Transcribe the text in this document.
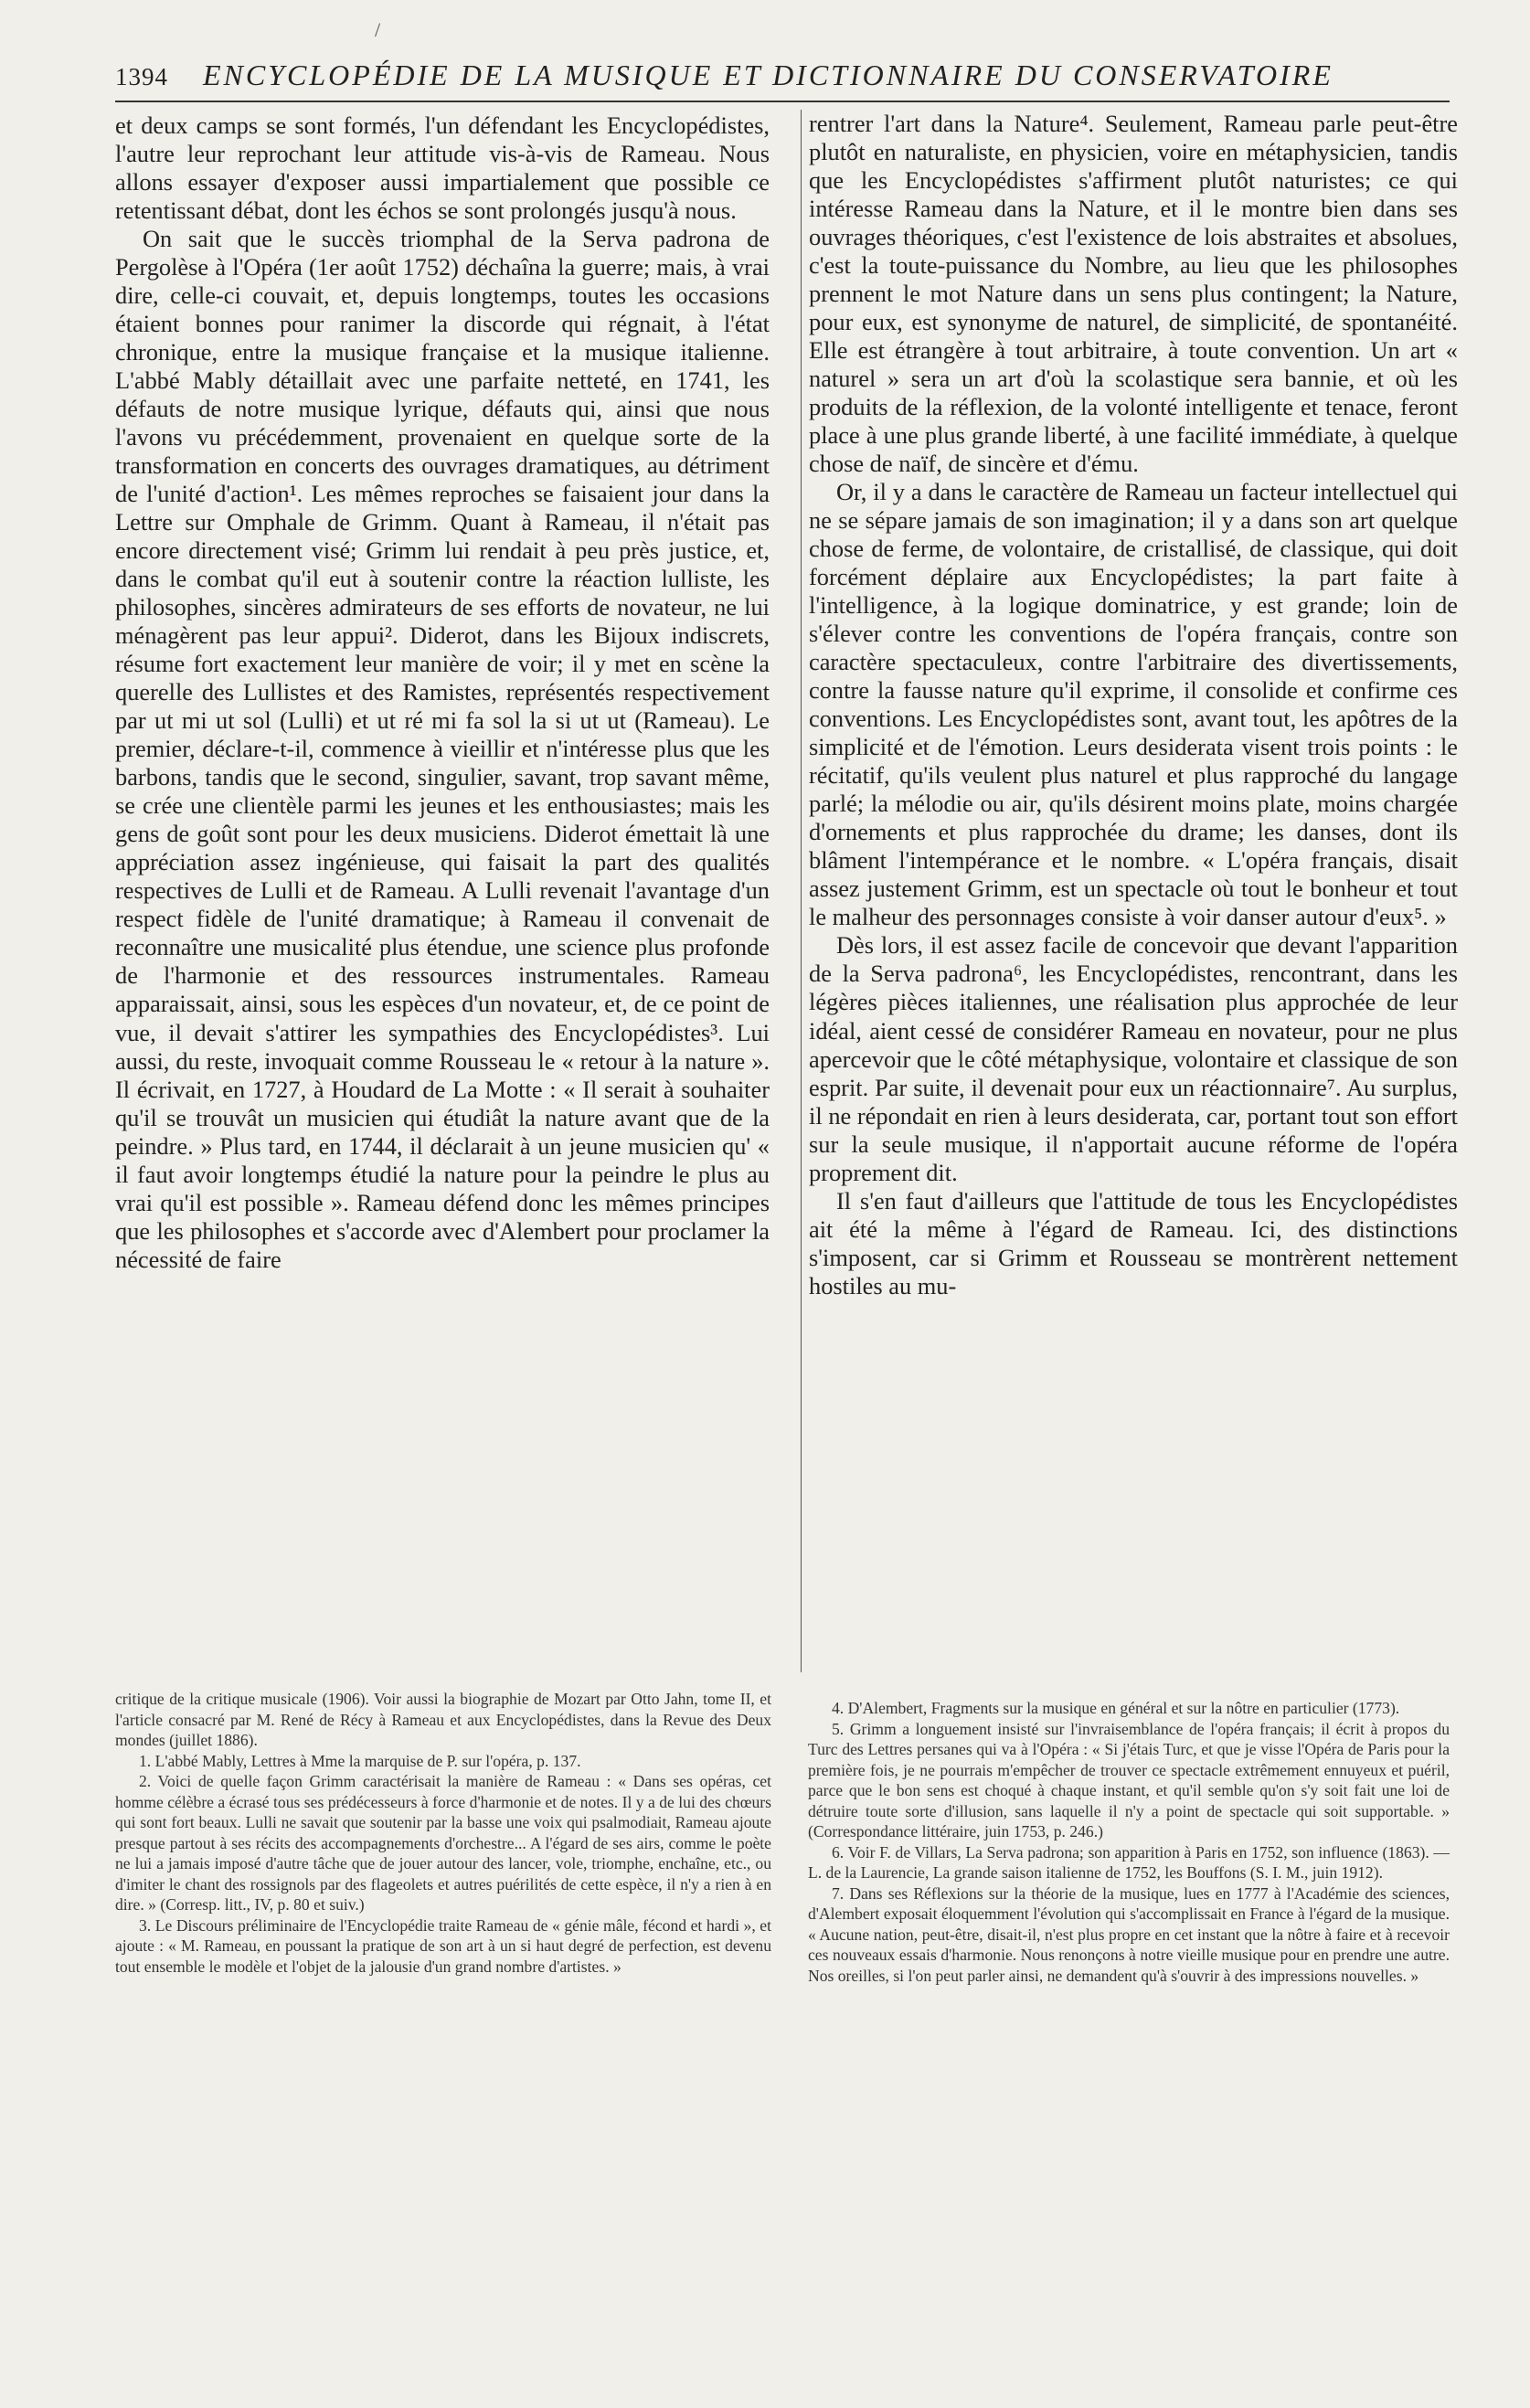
/
1394 ENCYCLOPÉDIE DE LA MUSIQUE ET DICTIONNAIRE DU CONSERVATOIRE

et deux camps se sont formés, l'un défendant les Encyclopédistes, l'autre leur reprochant leur attitude vis-à-vis de Rameau. Nous allons essayer d'exposer aussi impartialement que possible ce retentissant débat, dont les échos se sont prolongés jusqu'à nous.

On sait que le succès triomphal de la Serva padrona de Pergolèse à l'Opéra (1er août 1752) déchaîna la guerre; mais, à vrai dire, celle-ci couvait, et, depuis longtemps, toutes les occasions étaient bonnes pour ranimer la discorde qui régnait, à l'état chronique, entre la musique française et la musique italienne. L'abbé Mably détaillait avec une parfaite netteté, en 1741, les défauts de notre musique lyrique, défauts qui, ainsi que nous l'avons vu précédemment, provenaient en quelque sorte de la transformation en concerts des ouvrages dramatiques, au détriment de l'unité d'action¹. Les mêmes reproches se faisaient jour dans la Lettre sur Omphale de Grimm. Quant à Rameau, il n'était pas encore directement visé; Grimm lui rendait à peu près justice, et, dans le combat qu'il eut à soutenir contre la réaction lulliste, les philosophes, sincères admirateurs de ses efforts de novateur, ne lui ménagèrent pas leur appui². Diderot, dans les Bijoux indiscrets, résume fort exactement leur manière de voir; il y met en scène la querelle des Lullistes et des Ramistes, représentés respectivement par ut mi ut sol (Lulli) et ut ré mi fa sol la si ut ut (Rameau). Le premier, déclare-t-il, commence à vieillir et n'intéresse plus que les barbons, tandis que le second, singulier, savant, trop savant même, se crée une clientèle parmi les jeunes et les enthousiastes; mais les gens de goût sont pour les deux musiciens. Diderot émettait là une appréciation assez ingénieuse, qui faisait la part des qualités respectives de Lulli et de Rameau. A Lulli revenait l'avantage d'un respect fidèle de l'unité dramatique; à Rameau il convenait de reconnaître une musicalité plus étendue, une science plus profonde de l'harmonie et des ressources instrumentales. Rameau apparaissait, ainsi, sous les espèces d'un novateur, et, de ce point de vue, il devait s'attirer les sympathies des Encyclopédistes³. Lui aussi, du reste, invoquait comme Rousseau le « retour à la nature ». Il écrivait, en 1727, à Houdard de La Motte : « Il serait à souhaiter qu'il se trouvât un musicien qui étudiât la nature avant que de la peindre. » Plus tard, en 1744, il déclarait à un jeune musicien qu' « il faut avoir longtemps étudié la nature pour la peindre le plus au vrai qu'il est possible ». Rameau défend donc les mêmes principes que les philosophes et s'accorde avec d'Alembert pour proclamer la nécessité de faire

rentrer l'art dans la Nature⁴. Seulement, Rameau parle peut-être plutôt en naturaliste, en physicien, voire en métaphysicien, tandis que les Encyclopédistes s'affirment plutôt naturistes; ce qui intéresse Rameau dans la Nature, et il le montre bien dans ses ouvrages théoriques, c'est l'existence de lois abstraites et absolues, c'est la toute-puissance du Nombre, au lieu que les philosophes prennent le mot Nature dans un sens plus contingent; la Nature, pour eux, est synonyme de naturel, de simplicité, de spontanéité. Elle est étrangère à tout arbitraire, à toute convention. Un art « naturel » sera un art d'où la scolastique sera bannie, et où les produits de la réflexion, de la volonté intelligente et tenace, feront place à une plus grande liberté, à une facilité immédiate, à quelque chose de naïf, de sincère et d'ému.

Or, il y a dans le caractère de Rameau un facteur intellectuel qui ne se sépare jamais de son imagination; il y a dans son art quelque chose de ferme, de volontaire, de cristallisé, de classique, qui doit forcément déplaire aux Encyclopédistes; la part faite à l'intelligence, à la logique dominatrice, y est grande; loin de s'élever contre les conventions de l'opéra français, contre son caractère spectaculeux, contre l'arbitraire des divertissements, contre la fausse nature qu'il exprime, il consolide et confirme ces conventions. Les Encyclopédistes sont, avant tout, les apôtres de la simplicité et de l'émotion. Leurs desiderata visent trois points : le récitatif, qu'ils veulent plus naturel et plus rapproché du langage parlé; la mélodie ou air, qu'ils désirent moins plate, moins chargée d'ornements et plus rapprochée du drame; les danses, dont ils blâment l'intempérance et le nombre. « L'opéra français, disait assez justement Grimm, est un spectacle où tout le bonheur et tout le malheur des personnages consiste à voir danser autour d'eux⁵. »

Dès lors, il est assez facile de concevoir que devant l'apparition de la Serva padrona⁶, les Encyclopédistes, rencontrant, dans les légères pièces italiennes, une réalisation plus approchée de leur idéal, aient cessé de considérer Rameau en novateur, pour ne plus apercevoir que le côté métaphysique, volontaire et classique de son esprit. Par suite, il devenait pour eux un réactionnaire⁷. Au surplus, il ne répondait en rien à leurs desiderata, car, portant tout son effort sur la seule musique, il n'apportait aucune réforme de l'opéra proprement dit.

Il s'en faut d'ailleurs que l'attitude de tous les Encyclopédistes ait été la même à l'égard de Rameau. Ici, des distinctions s'imposent, car si Grimm et Rousseau se montrèrent nettement hostiles au mu-

critique de la critique musicale (1906). Voir aussi la biographie de Mozart par Otto Jahn, tome II, et l'article consacré par M. René de Récy à Rameau et aux Encyclopédistes, dans la Revue des Deux mondes (juillet 1886).

1. L'abbé Mably, Lettres à Mme la marquise de P. sur l'opéra, p. 137.

2. Voici de quelle façon Grimm caractérisait la manière de Rameau : « Dans ses opéras, cet homme célèbre a écrasé tous ses prédécesseurs à force d'harmonie et de notes. Il y a de lui des chœurs qui sont fort beaux. Lulli ne savait que soutenir par la basse une voix qui psalmodiait, Rameau ajoute presque partout à ses récits des accompagnements d'orchestre... A l'égard de ses airs, comme le poète ne lui a jamais imposé d'autre tâche que de jouer autour des lancer, vole, triomphe, enchaîne, etc., ou d'imiter le chant des rossignols par des flageolets et autres puérilités de cette espèce, il n'y a rien à en dire. » (Corresp. litt., IV, p. 80 et suiv.)

3. Le Discours préliminaire de l'Encyclopédie traite Rameau de « génie mâle, fécond et hardi », et ajoute : « M. Rameau, en poussant la pratique de son art à un si haut degré de perfection, est devenu tout ensemble le modèle et l'objet de la jalousie d'un grand nombre d'artistes. »

4. D'Alembert, Fragments sur la musique en général et sur la nôtre en particulier (1773).

5. Grimm a longuement insisté sur l'invraisemblance de l'opéra français; il écrit à propos du Turc des Lettres persanes qui va à l'Opéra : « Si j'étais Turc, et que je visse l'Opéra de Paris pour la première fois, je ne pourrais m'empêcher de trouver ce spectacle extrêmement ennuyeux et puéril, parce que le bon sens est choqué à chaque instant, et qu'il semble qu'on s'y soit fait une loi de détruire toute sorte d'illusion, sans laquelle il n'y a point de spectacle qui soit supportable. » (Correspondance littéraire, juin 1753, p. 246.)

6. Voir F. de Villars, La Serva padrona; son apparition à Paris en 1752, son influence (1863). — L. de la Laurencie, La grande saison italienne de 1752, les Bouffons (S. I. M., juin 1912).

7. Dans ses Réflexions sur la théorie de la musique, lues en 1777 à l'Académie des sciences, d'Alembert exposait éloquemment l'évolution qui s'accomplissait en France à l'égard de la musique. « Aucune nation, peut-être, disait-il, n'est plus propre en cet instant que la nôtre à faire et à recevoir ces nouveaux essais d'harmonie. Nous renonçons à notre vieille musique pour en prendre une autre. Nos oreilles, si l'on peut parler ainsi, ne demandent qu'à s'ouvrir à des impressions nouvelles. »
